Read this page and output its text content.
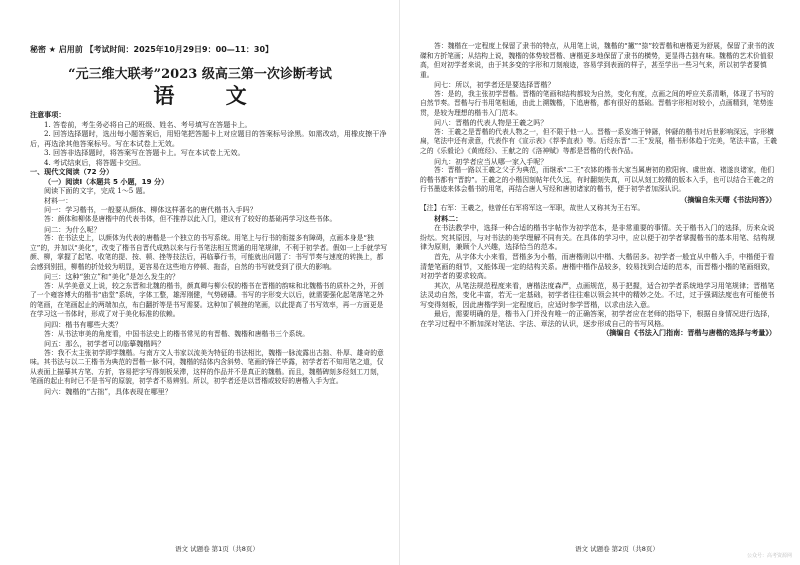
秘密 ★ 启用前 【考试时间：2025年10月29日9：00—11：30】
“元三维大联考”2023 级高三第一次诊断考试
语 文

注意事项：

1. 答卷前，考生务必将自己的班级、姓名、考号填写在答题卡上。

2. 回答选择题时，选出每小题答案后，用铅笔把答题卡上对应题目的答案标号涂黑。如需改动，用橡皮擦干净后，再选涂其他答案标号。写在本试卷上无效。

3. 回答非选择题时，将答案写在答题卡上。写在本试卷上无效。

4. 考试结束后，将答题卡交回。

一、现代文阅读（72 分）

（一）阅读Ⅰ（本题共 5 小题，19 分）

阅读下面的文字，完成 1～5 题。

材料一：

问一：学习楷书，一般要从颜体、柳体这样著名的唐代楷书入手吗？

答：颜体和柳体是唐楷中的代表书体，但不推荐以此入门，建议有了较好的基础再学习这些书体。

问二：为什么呢？

答：在书法史上，以颜体为代表的唐楷是一个独立的书写系统。用笔上与行书的衔接多有障碍，点画本身是“独立”的，并加以“美化”，改变了楷书自晋代成熟以来与行书笔法相互贯通的用笔规律，不利于初学者。假如一上手就学写颜、柳，掌握了起笔、收笔的提、按、顿、挫等技法后，再临摹行书，可能就出问题了：书写节奏与速度的转换上，都会感到别扭，柳楷的折处较为明显，更容易在这些地方停顿、拖沓，自然的书写就受到了很大的影响。

问三：这种“独立”和“美化”是怎么发生的？

答：从学美意义上说，较之东晋和北魏的楷书，颜真卿与柳公权的楷书在晋楷的韵味和北魏楷书的质朴之外，开创了一个雍容博大的楷书“庙堂”系统，字体工整，雄浑刚健，气势磅礴。书写的字形变大以后，就需要强化起笔落笔之外的笔画，在笔画起止的两端加点，布白翻折等是书写需要。这种加了顿挫的笔画，以此提高了书写效率，再一方面更是在学习这一书体时，形成了对于美化标准的依赖。

问四：楷书有哪些大类？

答：从书法审美的角度看，中国书法史上的楷书常见的有晋楷、魏楷和唐楷书三个系统。

问五：那么，初学者可以临摹魏楷吗？

答：我不太主张初学即学魏楷。与南方文人书家以流美为特征的书法相比，魏楷一脉流露出古拙、朴厚、雄奇的意味。其书法与以二王楷书为典范的晋楷一脉不同，魏楷的结体内含斜势、笔画的锋芒毕露，初学者若不知用笔之道，仅从表面上描摹其方笔、方折，容易把字写得刻板呆滞，这样的作品并不是真正的魏楷。而且，魏楷碑刻多经刻工刀刻，笔画的起止有时已不是书写的原貌，初学者不易辨别。所以，初学者还是以晋楷或较好的唐楷入手为宜。

问六：魏楷的“古拙”，具体表现在哪里？

语文 试题卷 第1页（共8页）

答：魏楷在一定程度上保留了隶书的特点，从用笔上说，魏楷的“撇”“捺”较晋楷和唐楷更为舒展，保留了隶书的波磔和方折笔画；从结构上说，魏楷的体势较晋楷、唐楷更多地保留了隶书的横势，更显得古拙有味。魏楷的艺术价值很高，但对初学者来说，由于其多变的字形和刀刻痕迹，容易学到表面的样子，甚至学出一些习气来，所以初学者要慎重。

问七：所以，初学者还是要选择晋楷？

答：是的，我主张初学晋楷。晋楷的笔画和结构都较为自然，变化有度，点画之间的呼应关系清晰，体现了书写的自然节奏。晋楷与行书用笔相通，由此上溯魏楷，下追唐楷，都有很好的基础。晋楷字形相对较小，点画精到，笔势连贯，是较为理想的楷书入门范本。

问八：晋楷的代表人物是王羲之吗？

答：王羲之是晋楷的代表人物之一，但不限于他一人。晋楷一系发端于钟繇，钟繇的楷书对后世影响深远，字形横扁，笔法中还有隶意，代表作有《宣示表》《荐季直表》等。后经东晋“二王”发展，楷书形体趋于完美，笔法丰富，王羲之的《乐毅论》《黄庭经》、王献之的《洛神赋》等都是晋楷的代表作品。

问九：初学者应当从哪一家入手呢？

答：晋楷一路以王羲之父子为典范，而继承“二王”衣钵的楷书大家当属唐初的欧阳询、虞世南、褚遂良诸家，他们的楷书都有“晋韵”。王羲之的小楷因刻帖年代久远，有时翻刻失真，可以从刻工较精的版本入手，也可以结合王羲之的行书墨迹来体会楷书的用笔，再结合唐人写经和唐初诸家的楷书，便于初学者加深认识。

（摘编自朱天曙《书法问答》）

【注】右军：王羲之，他曾任右军将军这一军职，故世人又称其为王右军。

材料二：

在书法教学中，选择一种合适的楷书字帖作为初学范本，是非常重要的事情。关于楷书入门的选择，历来众说纷纭。究其原因，与对书法的美学理解不同有关。在具体的学习中，应以便于初学者掌握楷书的基本用笔、结构规律为原则，兼顾个人兴趣，选择恰当的范本。

首先，从字体大小来看，晋楷多为小楷，而唐楷则以中楷、大楷居多。初学者一般宜从中楷入手，中楷便于看清楚笔画的细节，又能体现一定的结构关系。唐楷中楷作品较多，较易找到合适的范本，而晋楷小楷的笔画细致，对初学者的要求较高。

其次，从笔法规范程度来看，唐楷法度森严，点画规范，易于把握，适合初学者系统地学习用笔规律；晋楷笔法灵动自然，变化丰富，若无一定基础，初学者往往难以领会其中的精妙之处。不过，过于强调法度也有可能使书写变得刻板，因此唐楷学到一定程度后，应适时参学晋楷，以求由法入意。

最后，需要明确的是，楷书入门并没有唯一的正确答案，初学者应在老师的指导下，根据自身情况进行选择，在学习过程中不断加深对笔法、字法、章法的认识，逐步形成自己的书写风格。

（摘编自《书法入门指南：晋楷与唐楷的选择与考量》）

语文 试题卷 第2页（共8页）
公众号：高考资源网
